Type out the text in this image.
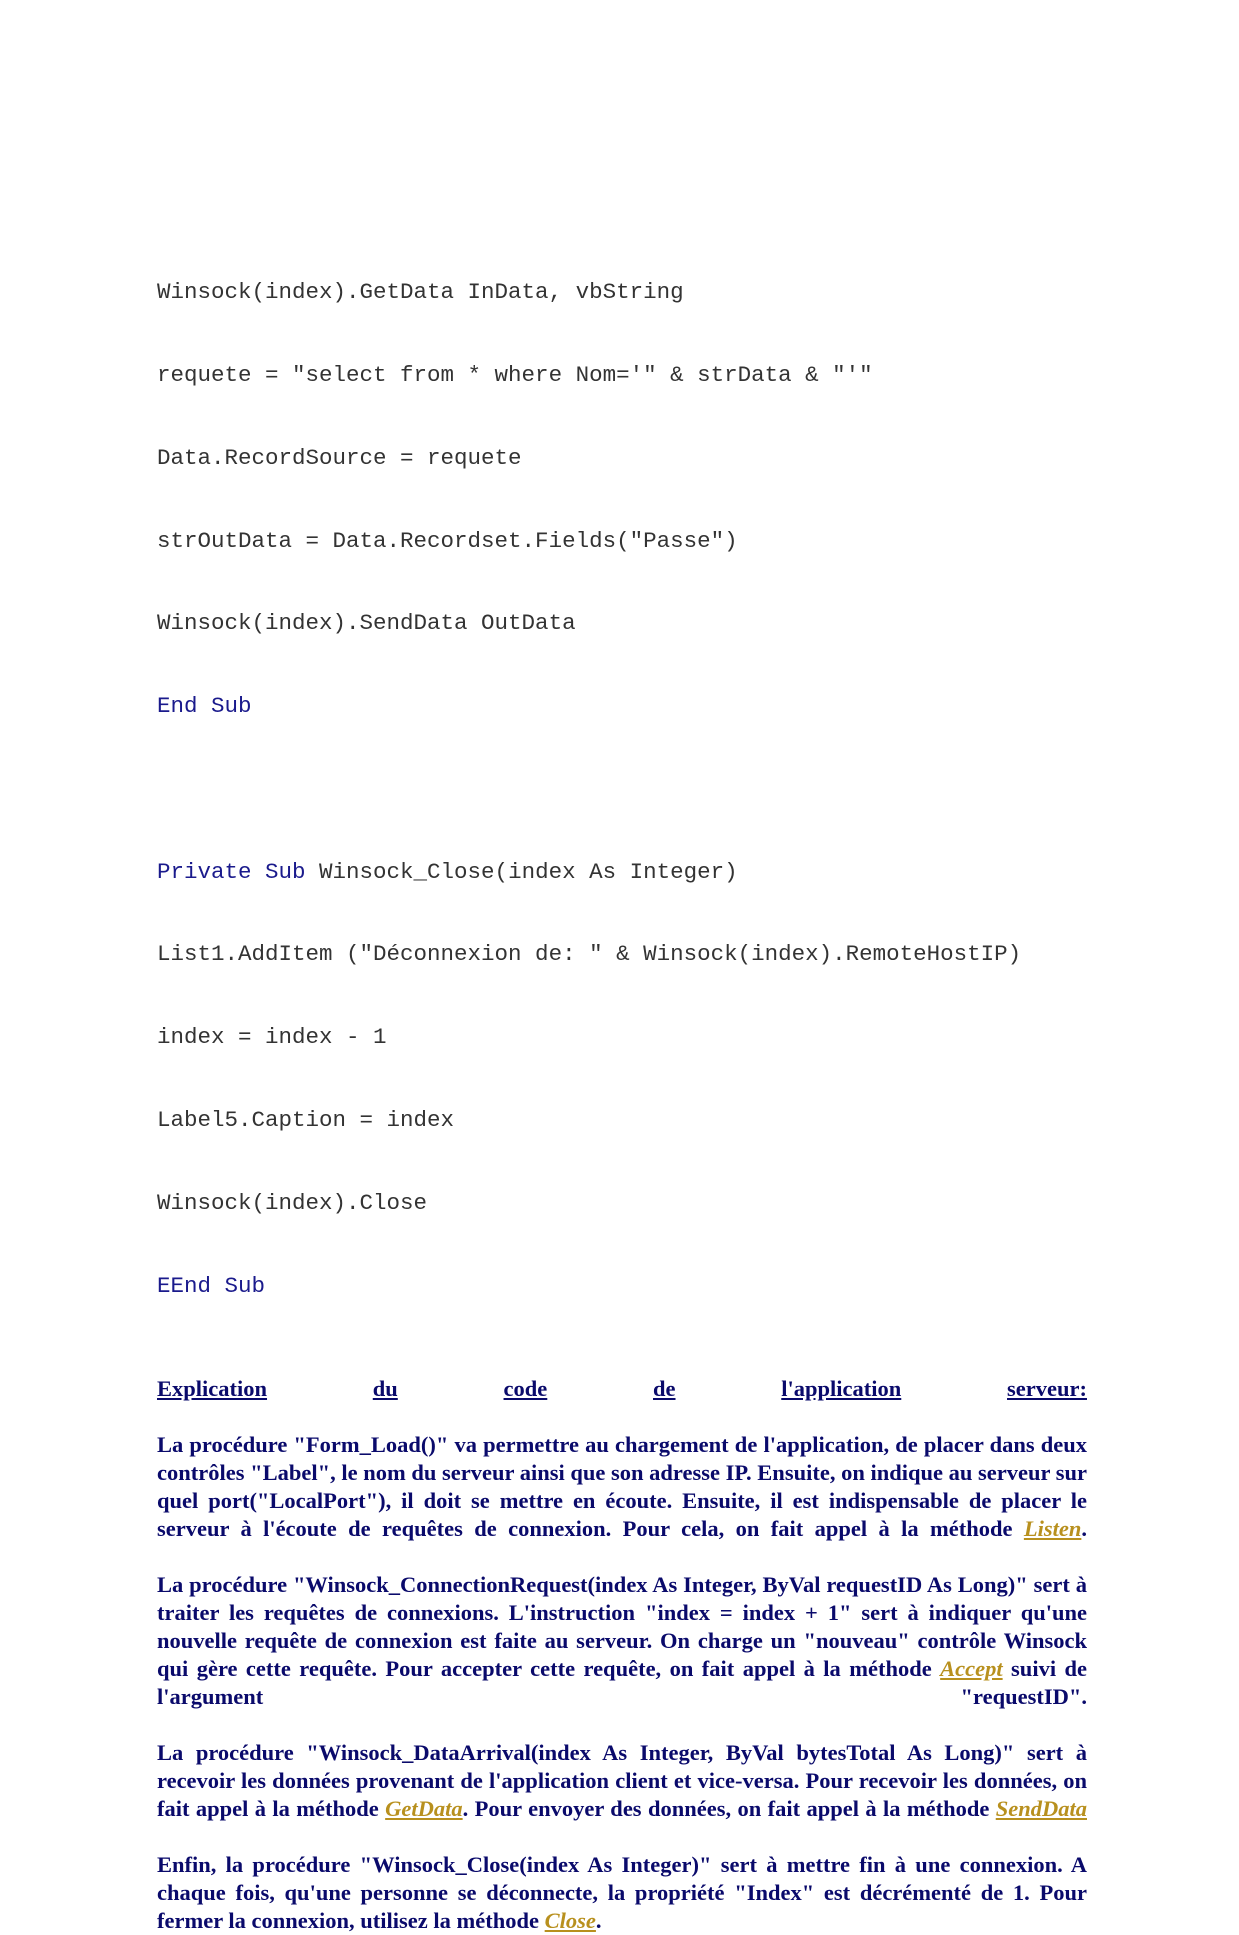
Winsock(index).GetData InData, vbString

requete = "select from * where Nom='" & strData & "'"

Data.RecordSource = requete

strOutData = Data.Recordset.Fields("Passe")

Winsock(index).SendData OutData

End Sub

Private Sub Winsock_Close(index As Integer)

List1.AddItem ("Déconnexion de: " & Winsock(index).RemoteHostIP)

index = index - 1

Label5.Caption = index

Winsock(index).Close

EEnd Sub

Explication	du	code	de	l'application	serveur:
La procédure "Form_Load()" va permettre au chargement de l'application, de placer dans deux contrôles "Label", le nom du serveur ainsi que son adresse IP. Ensuite, on indique au serveur sur quel port("LocalPort"), il doit se mettre en écoute. Ensuite, il est indispensable de placer le serveur à l'écoute de requêtes de connexion. Pour cela, on fait appel à la méthode Listen.
La procédure "Winsock_ConnectionRequest(index As Integer, ByVal requestID As Long)" sert à traiter les requêtes de connexions. L'instruction "index = index + 1" sert à indiquer qu'une nouvelle requête de connexion est faite au serveur. On charge un "nouveau" contrôle Winsock qui gère cette requête. Pour accepter cette requête, on fait appel à la méthode Accept suivi de l'argument "requestID".
La procédure "Winsock_DataArrival(index As Integer, ByVal bytesTotal As Long)" sert à recevoir les données provenant de l'application client et vice-versa. Pour recevoir les données, on fait appel à la méthode GetData. Pour envoyer des données, on fait appel à la méthode SendData
Enfin, la procédure "Winsock_Close(index As Integer)" sert à mettre fin à une connexion. A chaque fois, qu'une personne se déconnecte, la propriété "Index" est décrémenté de 1. Pour fermer la connexion, utilisez la méthode Close.
